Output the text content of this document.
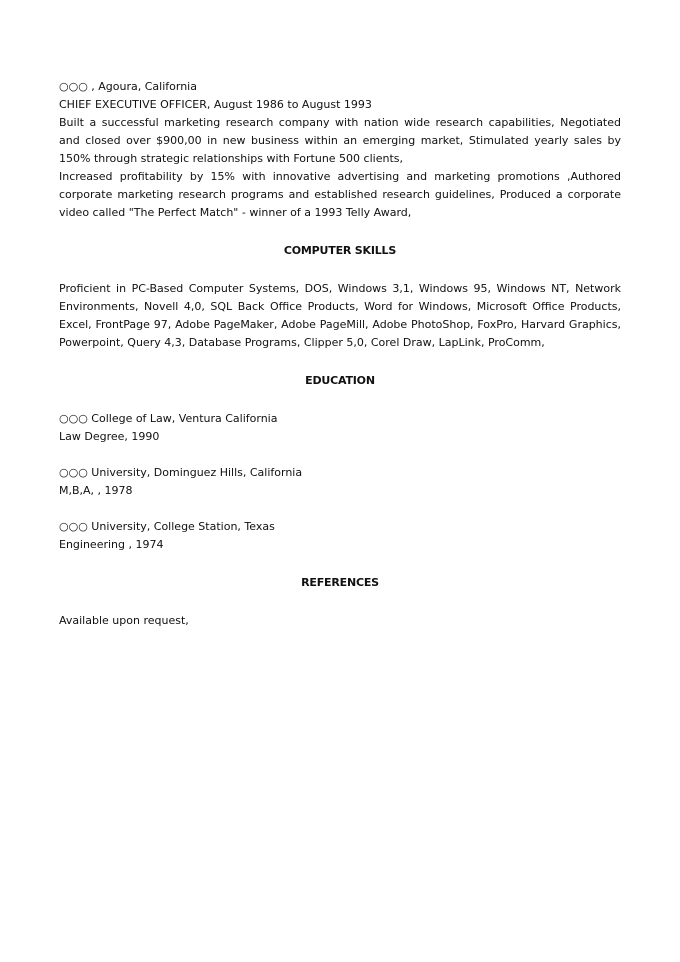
○○○ , Agoura, California

CHIEF EXECUTIVE OFFICER, August 1986 to August 1993

Built a successful marketing research company with nation wide research capabilities, Negotiated and closed over $900,00 in new business within an emerging market, Stimulated yearly sales by 150% through strategic relationships with Fortune 500 clients,

Increased profitability by 15% with innovative advertising and marketing promotions ,Authored corporate marketing research programs and established research guidelines, Produced a corporate video called "The Perfect Match" - winner of a 1993 Telly Award,

COMPUTER SKILLS

Proficient in PC-Based Computer Systems, DOS, Windows 3,1, Windows 95, Windows NT, Network Environments, Novell 4,0, SQL Back Office Products, Word for Windows, Microsoft Office Products, Excel, FrontPage 97, Adobe PageMaker, Adobe PageMill, Adobe PhotoShop, FoxPro, Harvard Graphics, Powerpoint, Query 4,3, Database Programs, Clipper 5,0, Corel Draw, LapLink, ProComm,

EDUCATION

○○○ College of Law, Ventura California

Law Degree, 1990

○○○ University, Dominguez Hills, California

M,B,A, , 1978

○○○ University, College Station, Texas

Engineering , 1974

REFERENCES

Available upon request,
